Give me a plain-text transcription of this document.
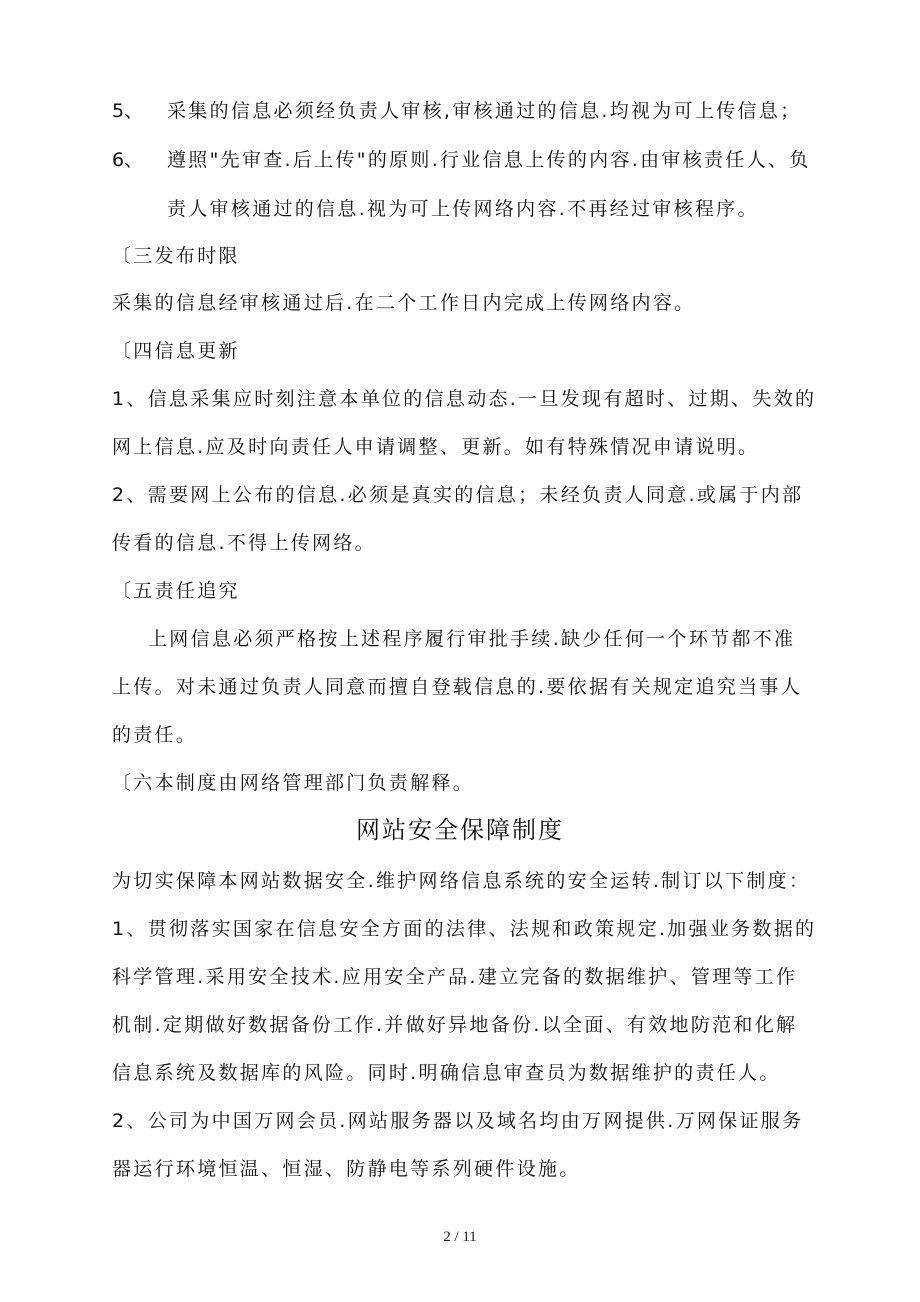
5、 采集的信息必须经负责人审核,审核通过的信息.均视为可上传信息；
6、 遵照"先审查.后上传"的原则.行业信息上传的内容.由审核责任人、负
责人审核通过的信息.视为可上传网络内容.不再经过审核程序。
〔三发布时限
采集的信息经审核通过后.在二个工作日内完成上传网络内容。
〔四信息更新
1、信息采集应时刻注意本单位的信息动态.一旦发现有超时、过期、失效的
网上信息.应及时向责任人申请调整、更新。如有特殊情况申请说明。
2、需要网上公布的信息.必须是真实的信息；未经负责人同意.或属于内部
传看的信息.不得上传网络。
〔五责任追究
上网信息必须严格按上述程序履行审批手续.缺少任何一个环节都不准
上传。对未通过负责人同意而擅自登载信息的.要依据有关规定追究当事人
的责任。
〔六本制度由网络管理部门负责解释。
网站安全保障制度
为切实保障本网站数据安全.维护网络信息系统的安全运转.制订以下制度：
1、贯彻落实国家在信息安全方面的法律、法规和政策规定.加强业务数据的
科学管理.采用安全技术.应用安全产品.建立完备的数据维护、管理等工作
机制.定期做好数据备份工作.并做好异地备份.以全面、有效地防范和化解
信息系统及数据库的风险。同时.明确信息审查员为数据维护的责任人。
2、公司为中国万网会员.网站服务器以及域名均由万网提供.万网保证服务
器运行环境恒温、恒湿、防静电等系列硬件设施。
2 / 11
